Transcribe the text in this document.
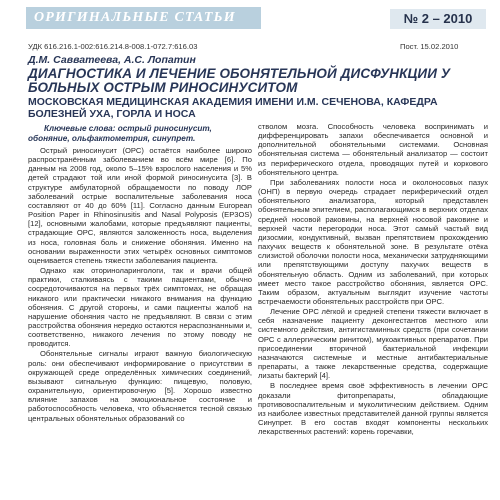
ОРИГИНАЛЬНЫЕ СТАТЬИ	№ 2 – 2010
УДК 616.216.1-002:616.214.8-008.1-072.7:616.03	Пост. 15.02.2010
Д.М. Савватеева, А.С. Лопатин
ДИАГНОСТИКА И ЛЕЧЕНИЕ ОБОНЯТЕЛЬНОЙ ДИСФУНКЦИИ У БОЛЬНЫХ ОСТРЫМ РИНОСИНУСИТОМ
МОСКОВСКАЯ МЕДИЦИНСКАЯ АКАДЕМИЯ ИМЕНИ И.М. СЕЧЕНОВА, КАФЕДРА БОЛЕЗНЕЙ УХА, ГОРЛА И НОСА
Ключевые слова: острый риносинусит, обоняние, ольфактометрия, синупрет.

Острый риносинусит (ОРС) остаётся наиболее широко распространённым заболеванием во всём мире [6]. По данным на 2008 год, около 5–15% взрослого населения и 5% детей страдают той или иной формой риносинусита [3]. В структуре амбулаторной обращаемости по поводу ЛОР заболеваний острые воспалительные заболевания носа составляют от 40 до 60% [11]. Согласно данным European Position Paper in Rhinosinusitis and Nasal Polyposis (EP3OS) [12], основными жалобами, которые предъявляют пациенты, страдающие ОРС, являются заложенность носа, выделения из носа, головная боль и снижение обоняния. Именно на основании выраженности этих четырёх основных симптомов оценивается степень тяжести заболевания пациента.

Однако как оториноларингологи, так и врачи общей практики, сталкиваясь с такими пациентами, обычно сосредоточиваются на первых трёх симптомах, не обращая никакого или практически никакого внимания на функцию обоняния. С другой стороны, и сами пациенты жалоб на нарушение обоняния часто не предъявляют. В связи с этим расстройства обоняния нередко остаются нераспознанными и, соответственно, никакого лечения по этому поводу не проводится.

Обонятельные сигналы играют важную биологическую роль: они обеспечивают информирование о присутствии в окружающей среде определённых химических соединений, вызывают сигнальную функцию: пищевую, половую, охранительную, ориентировочную [5]. Хорошо известно влияние запахов на эмоциональное состояние и работоспособность человека, что объясняется тесной связью центральных обонятельных образований со

стволом мозга. Способность человека воспринимать и дифференцировать запахи обеспечивается основной и дополнительной обонятельными системами. Основная обонятельная система — обонятельный анализатор — состоит из периферического отдела, проводящих путей и коркового обонятельного центра.

При заболеваниях полости носа и околоносовых пазух (ОНП) в первую очередь страдает периферический отдел обонятельного анализатора, который представлен обонятельным эпителием, располагающимся в верхних отделах средней носовой раковины, на верхней носовой раковине и верхней части перегородки носа. Этот самый частый вид дизосмии, кондуктивный, вызван препятствием прохождению пахучих веществ к обонятельной зоне. В результате отёка слизистой оболочки полости носа, механически затрудняющими или препятствующими доступу пахучих веществ в обонятельную область. Одним из заболеваний, при которых имеет место такое расстройство обоняния, является ОРС. Таким образом, актуальным выглядит изучение частоты встречаемости обонятельных расстройств при ОРС.

Лечение ОРС лёгкой и средней степени тяжести включает в себя назначение пациенту деконгестантов местного или системного действия, антигистаминных средств (при сочетании ОРС с аллергическим ринитом), мукоактивных препаратов. При присоединении вторичной бактериальной инфекции назначаются системные и местные антибактериальные препараты, а также лекарственные средства, содержащие лизаты бактерий [4].

В последнее время своё эффективность в лечении ОРС доказали фитопрепараты, обладающие противовоспалительным и муколитическим действием. Одним из наиболее известных представителей данной группы является Синупрет. В его состав входят компоненты нескольких лекарственных растений: корень горечавки,
